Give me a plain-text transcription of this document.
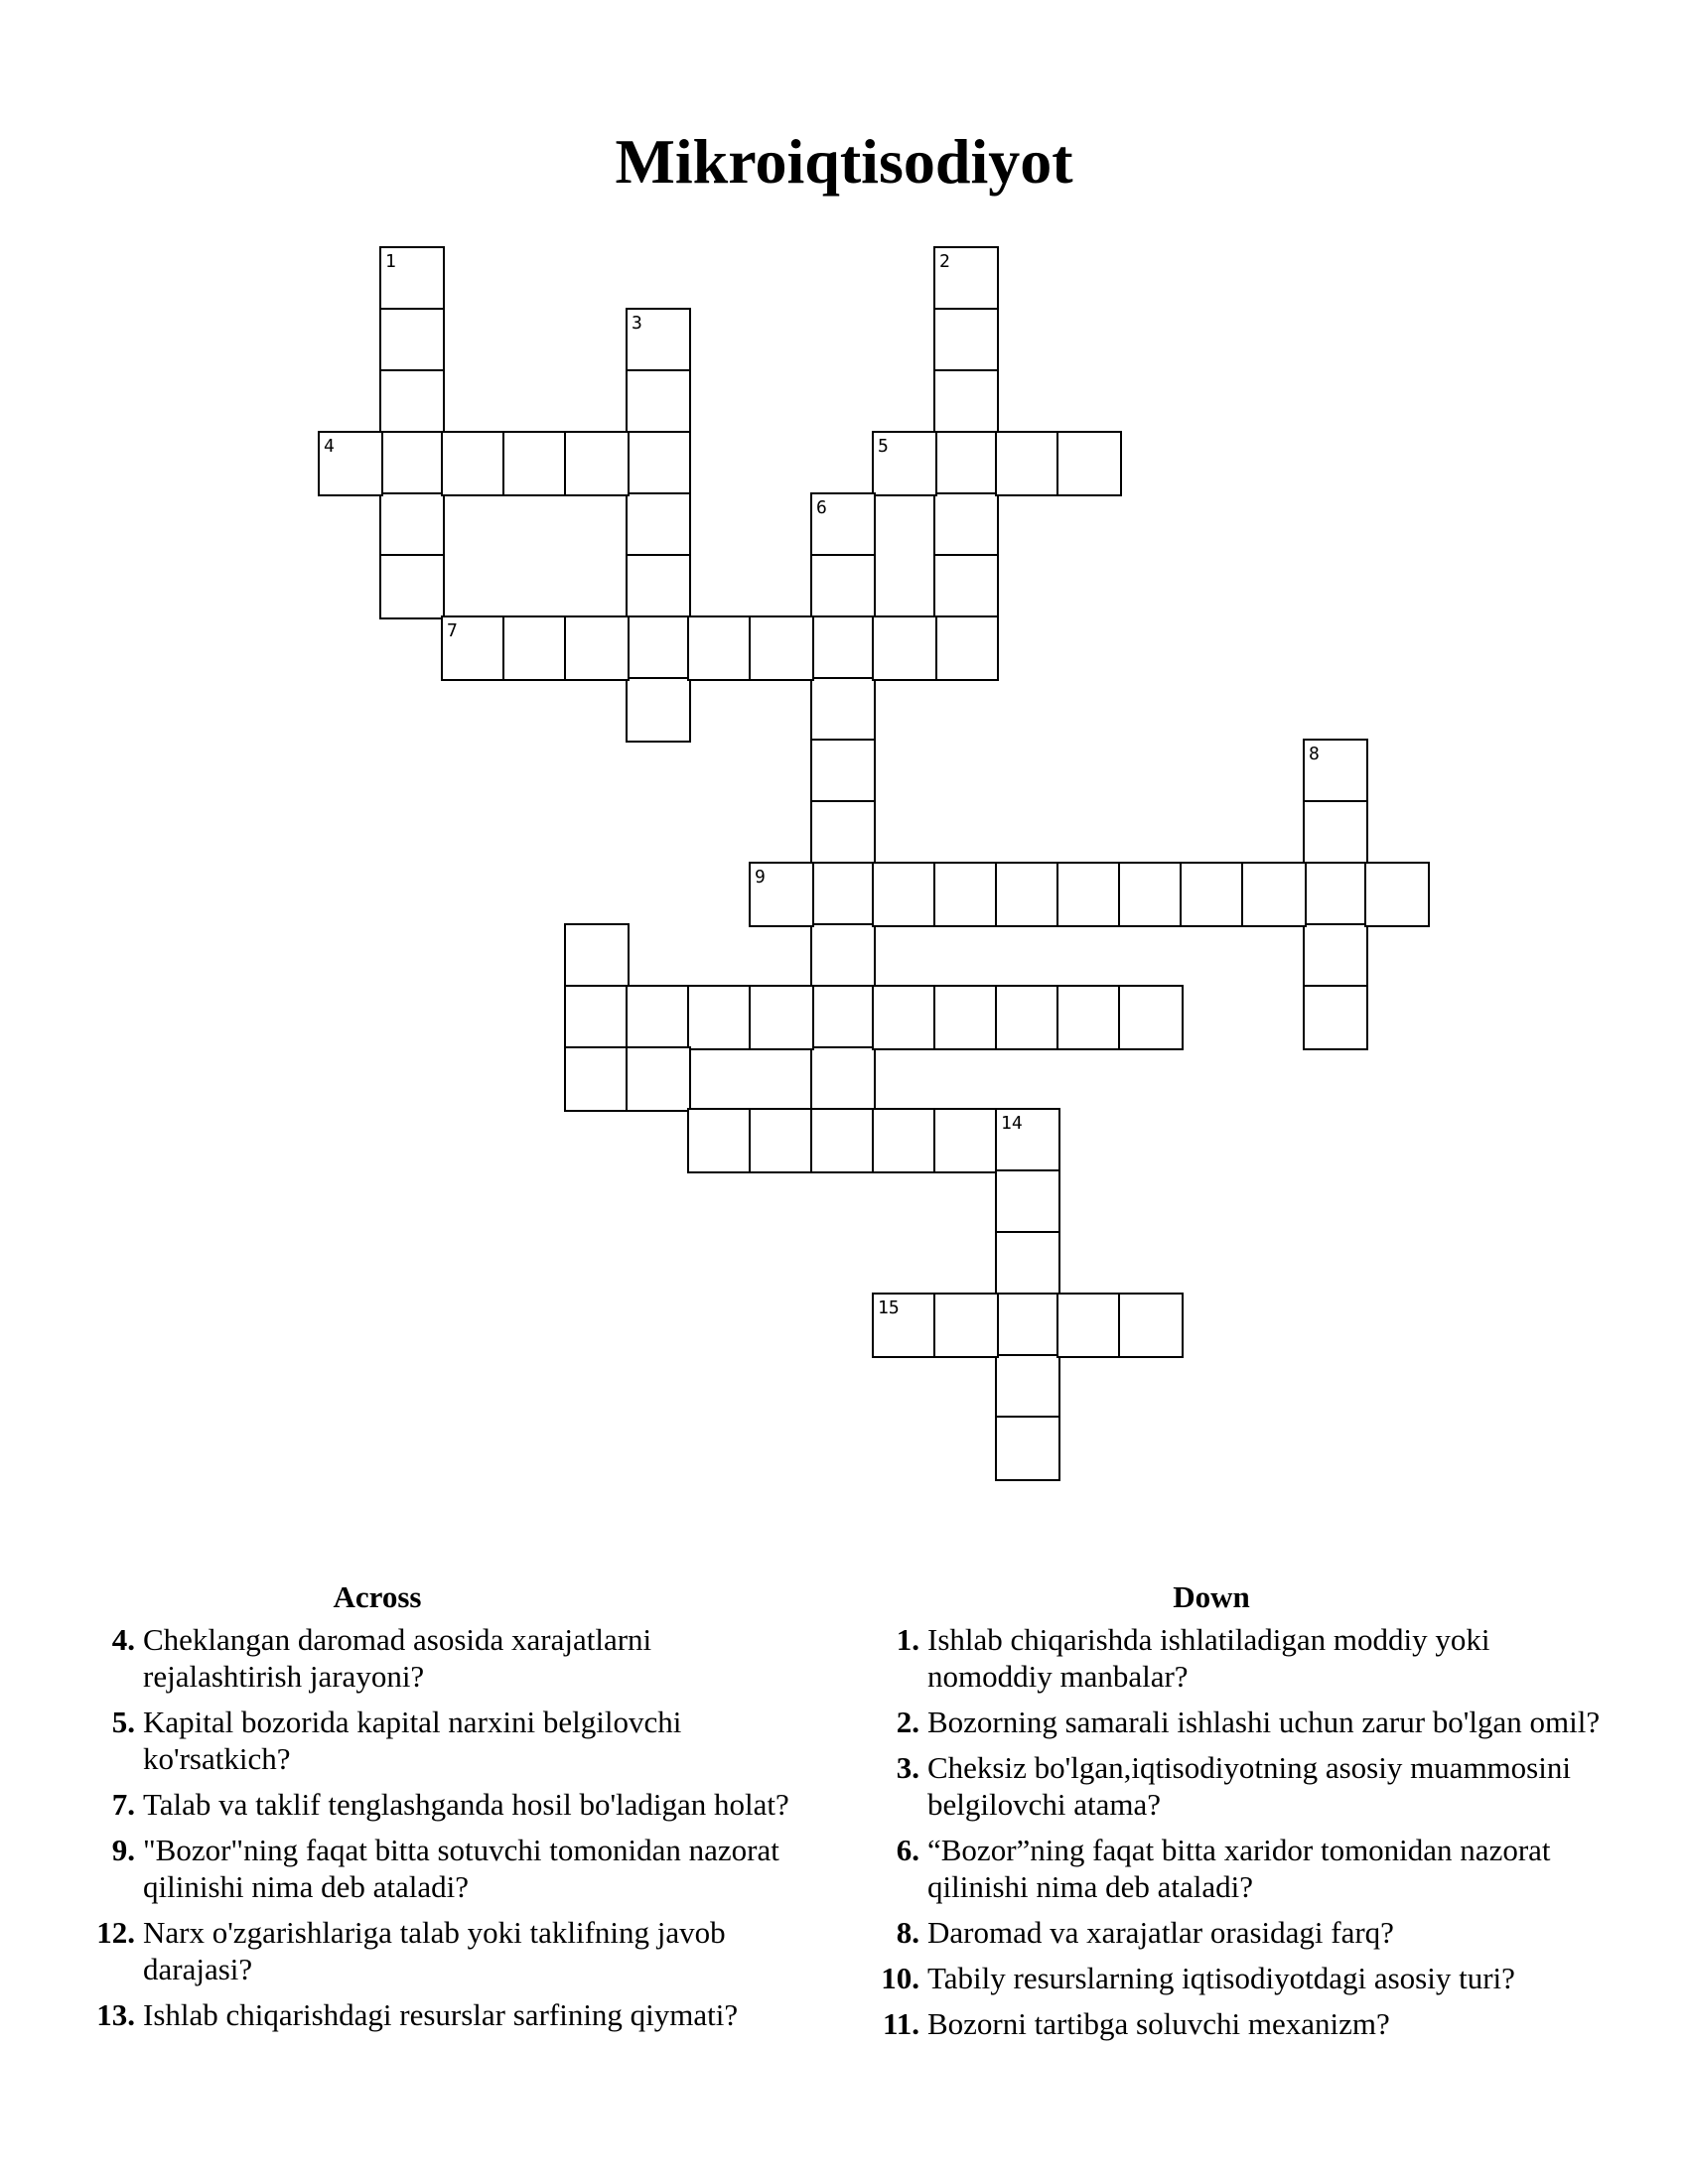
Mikroiqtisodiyot
1	2
3
4	5
6
7
8
9
14
15
Across
4. Cheklangan daromad asosida xarajatlarni rejalashtirish jarayoni?
5. Kapital bozorida kapital narxini belgilovchi ko'rsatkich?
7. Talab va taklif tenglashganda hosil bo'ladigan holat?
9. "Bozor"ning faqat bitta sotuvchi tomonidan nazorat qilinishi nima deb ataladi?
12. Narx o'zgarishlariga talab yoki taklifning javob darajasi?
13. Ishlab chiqarishdagi resurslar sarfining qiymati?
Down
1. Ishlab chiqarishda ishlatiladigan moddiy yoki nomoddiy manbalar?
2. Bozorning samarali ishlashi uchun zarur bo'lgan omil?
3. Cheksiz bo'lgan,iqtisodiyotning asosiy muammosini belgilovchi atama?
6. “Bozor”ning faqat bitta xaridor tomonidan nazorat qilinishi nima deb ataladi?
8. Daromad va xarajatlar orasidagi farq?
10. Tabily resurslarning iqtisodiyotdagi asosiy turi?
11. Bozorni tartibga soluvchi mexanizm?
